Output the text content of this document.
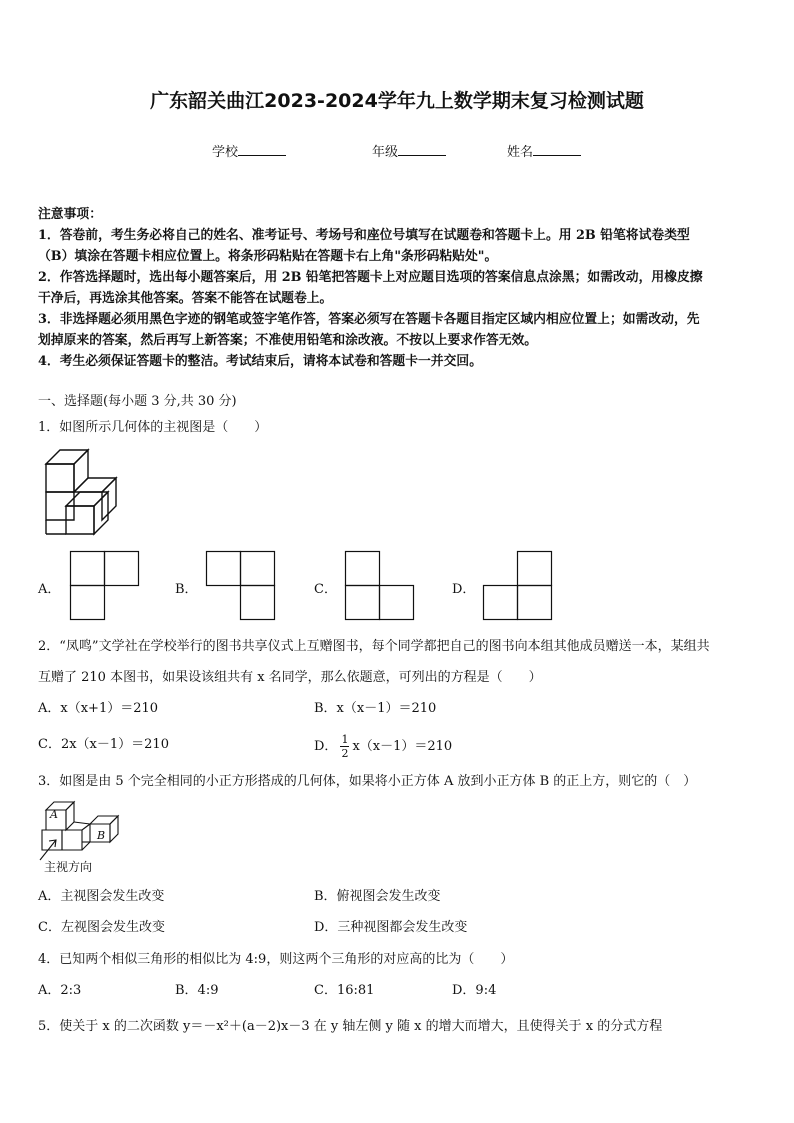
广东韶关曲江2023-2024学年九上数学期末复习检测试题
学校	年级	姓名
注意事项：
1．答卷前，考生务必将自己的姓名、准考证号、考场号和座位号填写在试题卷和答题卡上。用 2B 铅笔将试卷类型
（B）填涂在答题卡相应位置上。将条形码粘贴在答题卡右上角"条形码粘贴处"。
2．作答选择题时，选出每小题答案后，用 2B 铅笔把答题卡上对应题目选项的答案信息点涂黑；如需改动，用橡皮擦
干净后，再选涂其他答案。答案不能答在试题卷上。
3．非选择题必须用黑色字迹的钢笔或签字笔作答，答案必须写在答题卡各题目指定区域内相应位置上；如需改动，先
划掉原来的答案，然后再写上新答案；不准使用铅笔和涂改液。不按以上要求作答无效。
4．考生必须保证答题卡的整洁。考试结束后，请将本试卷和答题卡一并交回。
一、选择题(每小题 3 分,共 30 分)
1．如图所示几何体的主视图是（　　）
A．	B．	C．	D．
2．“凤鸣”文学社在学校举行的图书共享仪式上互赠图书，每个同学都把自己的图书向本组其他成员赠送一本，某组共
互赠了 210 本图书，如果设该组共有 x 名同学，那么依题意，可列出的方程是（　　）
A．x（x+1）＝210	B．x（x－1）＝210
C．2x（x－1）＝210	D． $\frac{1}{2} x(x-1)=210$
3．如图是由 5 个完全相同的小正方形搭成的几何体，如果将小正方体 A 放到小正方体 B 的正上方，则它的（　）
A
B
主视方向
A．主视图会发生改变	B．俯视图会发生改变
C．左视图会发生改变	D．三种视图都会发生改变
4．已知两个相似三角形的相似比为 4:9，则这两个三角形的对应高的比为（　　）
A．2:3	B．4:9	C．16:81	D．9:4
5．使关于 x 的二次函数 y＝－x²＋(a－2)x－3 在 y 轴左侧 y 随 x 的增大而增大，且使得关于 x 的分式方程
